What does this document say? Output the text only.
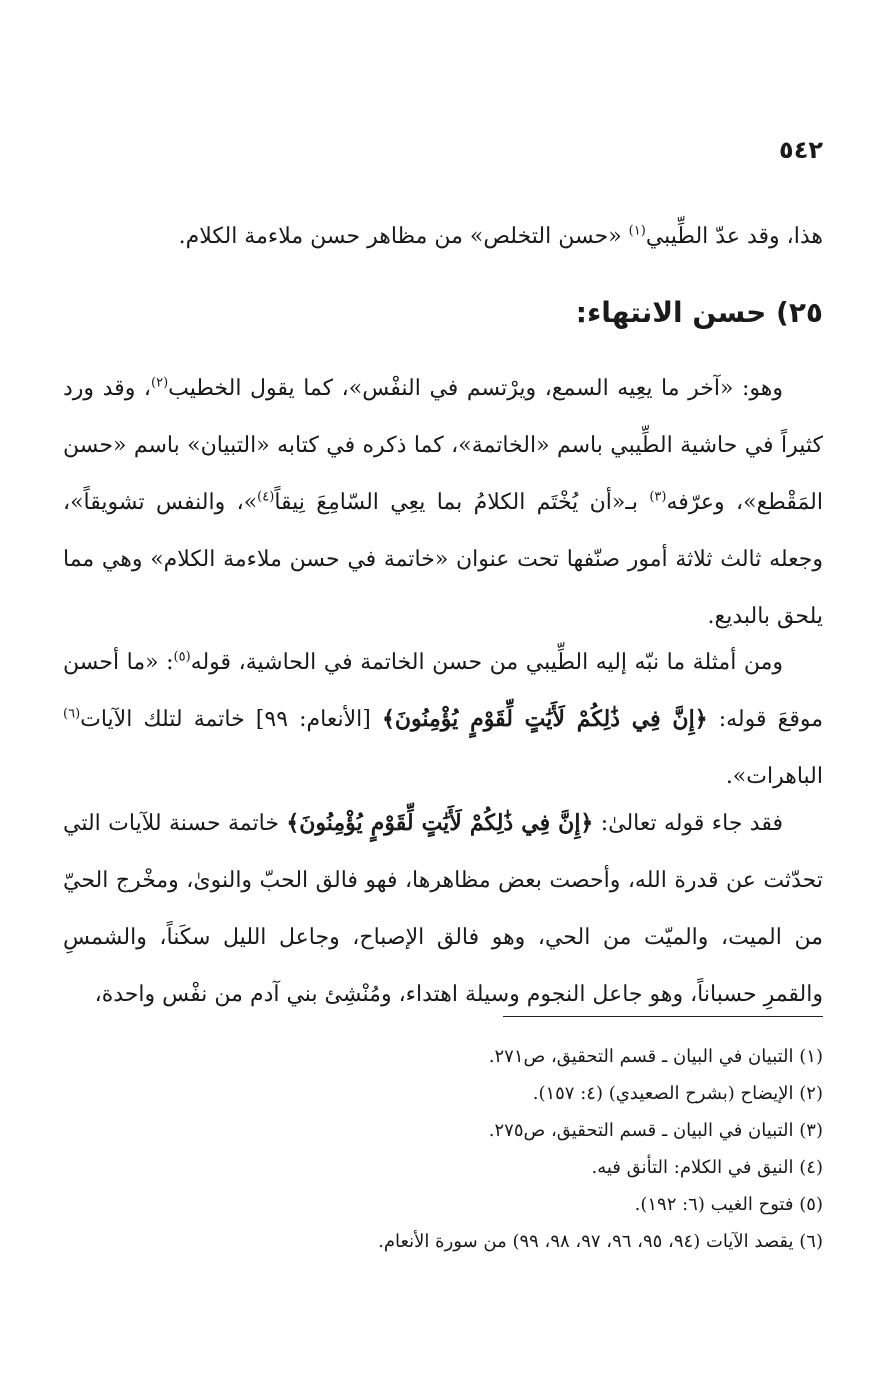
٥٤٢

هذا، وقد عدّ الطِّيبي$^{(١)}$ «حسن التخلص» من مظاهر حسن ملاءمة الكلام.

٢٥) حسن الانتهاء:

وهو: «آخر ما يعِيه السمع، ويرْتسم في النفْس»، كما يقول الخطيب$^{(٢)}$، وقد ورد كثيراً في حاشية الطِّيبي باسم «الخاتمة»، كما ذكره في كتابه «التبيان» باسم «حسن المَقْطع»، وعرّفه$^{(٣)}$ بـ«أن يُخْتَم الكلامُ بما يعِي السّامِعَ نِيقاً$^{(٤)}$»، والنفس تشويقاً»، وجعله ثالث ثلاثة أمور صنّفها تحت عنوان «خاتمة في حسن ملاءمة الكلام» وهي مما يلحق بالبديع.

ومن أمثلة ما نبّه إليه الطِّيبي من حسن الخاتمة في الحاشية، قوله$^{(٥)}$: «ما أحسن موقعَ قوله: ﴿إِنَّ فِي ذَٰلِكُمْ لَأَيَٰتٍ لِّقَوْمٍ يُؤْمِنُونَ﴾ [الأنعام: ٩٩] خاتمة لتلك الآيات$^{(٦)}$ الباهرات».

فقد جاء قوله تعالىٰ: ﴿إِنَّ فِي ذَٰلِكُمْ لَأَيَٰتٍ لِّقَوْمٍ يُؤْمِنُونَ﴾ خاتمة حسنة للآيات التي تحدّثت عن قدرة الله، وأحصت بعض مظاهرها، فهو فالق الحبّ والنوىٰ، ومخْرج الحيّ من الميت، والميّت من الحي، وهو فالق الإصباح، وجاعل الليل سكَناً، والشمسِ والقمرِ حسباناً، وهو جاعل النجوم وسيلة اهتداء، ومُنْشِئ بني آدم من نفْس واحدة،

(١) التبيان في البيان ـ قسم التحقيق، ص٢٧١.
(٢) الإيضاح (بشرح الصعيدي) (٤: ١٥٧).
(٣) التبيان في البيان ـ قسم التحقيق، ص٢٧٥.
(٤) النيق في الكلام: التأنق فيه.
(٥) فتوح الغيب (٦: ١٩٢).
(٦) يقصد الآيات (٩٤، ٩٥، ٩٦، ٩٧، ٩٨، ٩٩) من سورة الأنعام.
